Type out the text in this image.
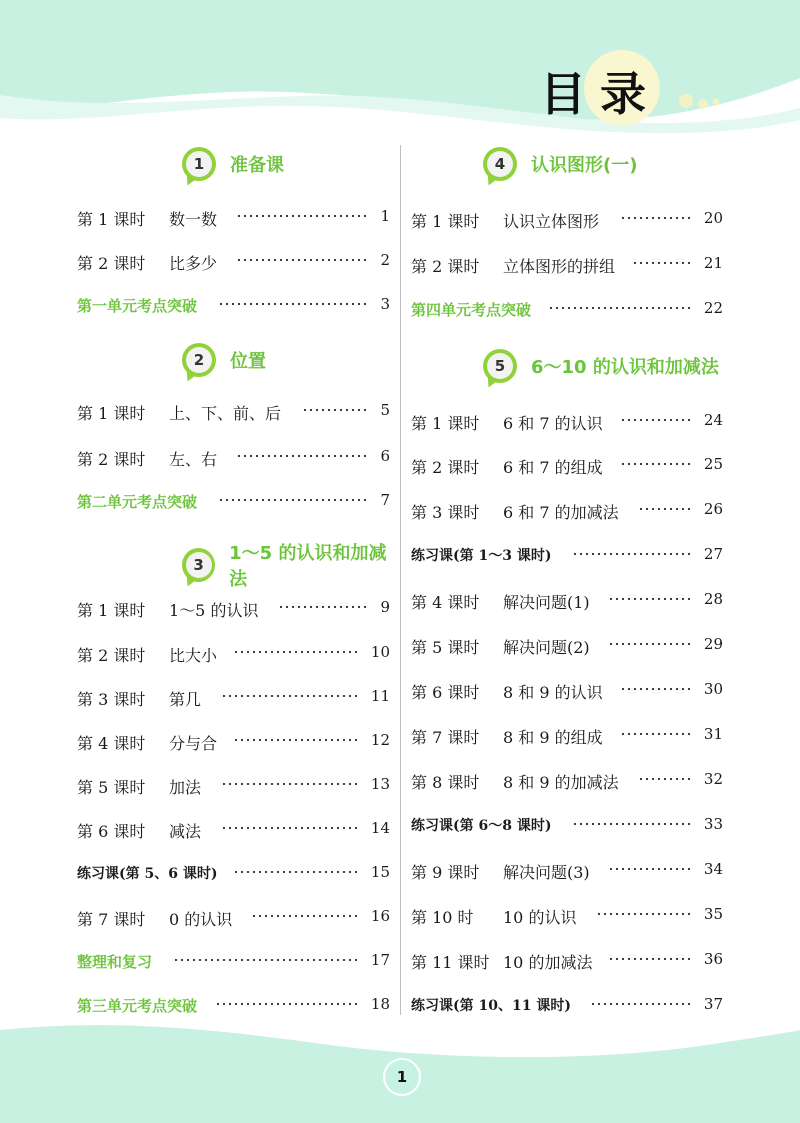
目录
1	准备课
第 1 课时 数一数	1
第 2 课时 比多少	2
第一单元考点突破	3
2	位置
第 1 课时 上、下、前、后	5
第 2 课时 左、右	6
第二单元考点突破	7
3
1～5 的认识和加减法
第 1 课时 1～5 的认识	9
第 2 课时 比大小	10
第 3 课时 第几	11
第 4 课时 分与合	12
第 5 课时 加法	13
第 6 课时 减法	14
练习课(第 5、6 课时)	15
第 7 课时 0 的认识	16
整理和复习	17
第三单元考点突破	18
4	认识图形(一)
第 1 课时 认识立体图形	20
第 2 课时 立体图形的拼组	21
第四单元考点突破	22
5	6～10 的认识和加减法
第 1 课时 6 和 7 的认识	24
第 2 课时 6 和 7 的组成	25
第 3 课时 6 和 7 的加减法	26
练习课(第 1～3 课时)	27
第 4 课时 解决问题(1)	28
第 5 课时 解决问题(2)	29
第 6 课时 8 和 9 的认识	30
第 7 课时 8 和 9 的组成	31
第 8 课时 8 和 9 的加减法	32
练习课(第 6～8 课时)	33
第 9 课时 解决问题(3)	34
第 10 时 10 的认识	35
第 11 课时 10 的加减法	36
练习课(第 10、11 课时)	37
1
